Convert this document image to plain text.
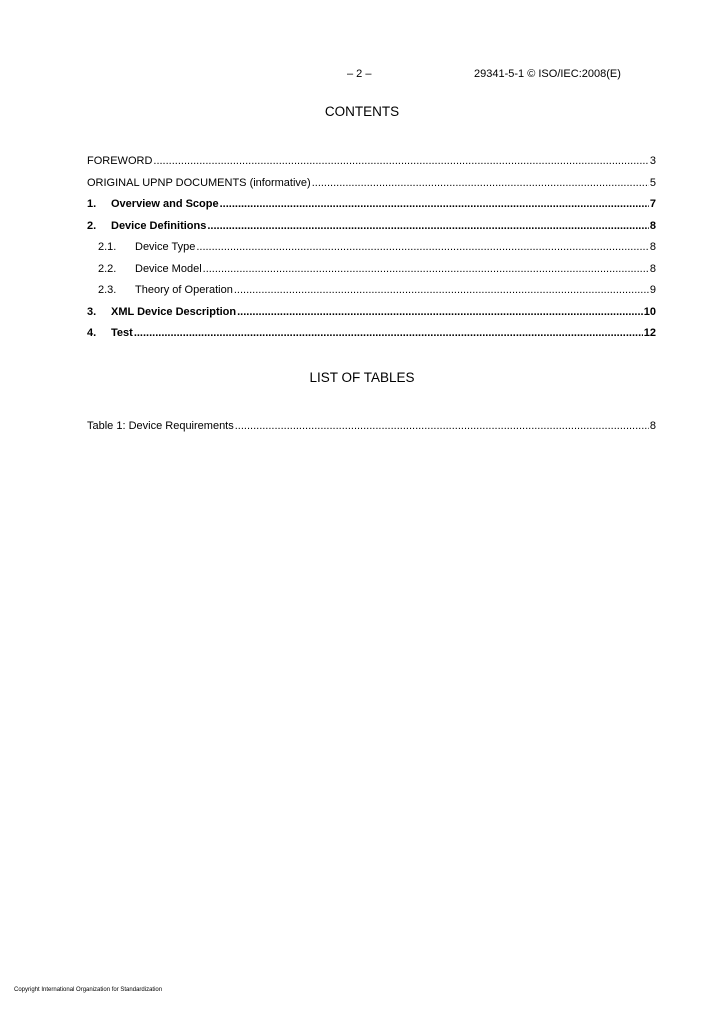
– 2 –	29341-5-1 © ISO/IEC:2008(E)
CONTENTS
FOREWORD .....	3
ORIGINAL UPNP DOCUMENTS (informative) .....	5
1.	Overview and Scope .....	7
2.	Device Definitions .....	8
2.1.	Device Type .....	8
2.2.	Device Model .....	8
2.3.	Theory of Operation .....	9
3.	XML Device Description .....	10
4.	Test .....	12
LIST OF TABLES
Table 1: Device Requirements .....	8
Copyright International Organization for Standardization
